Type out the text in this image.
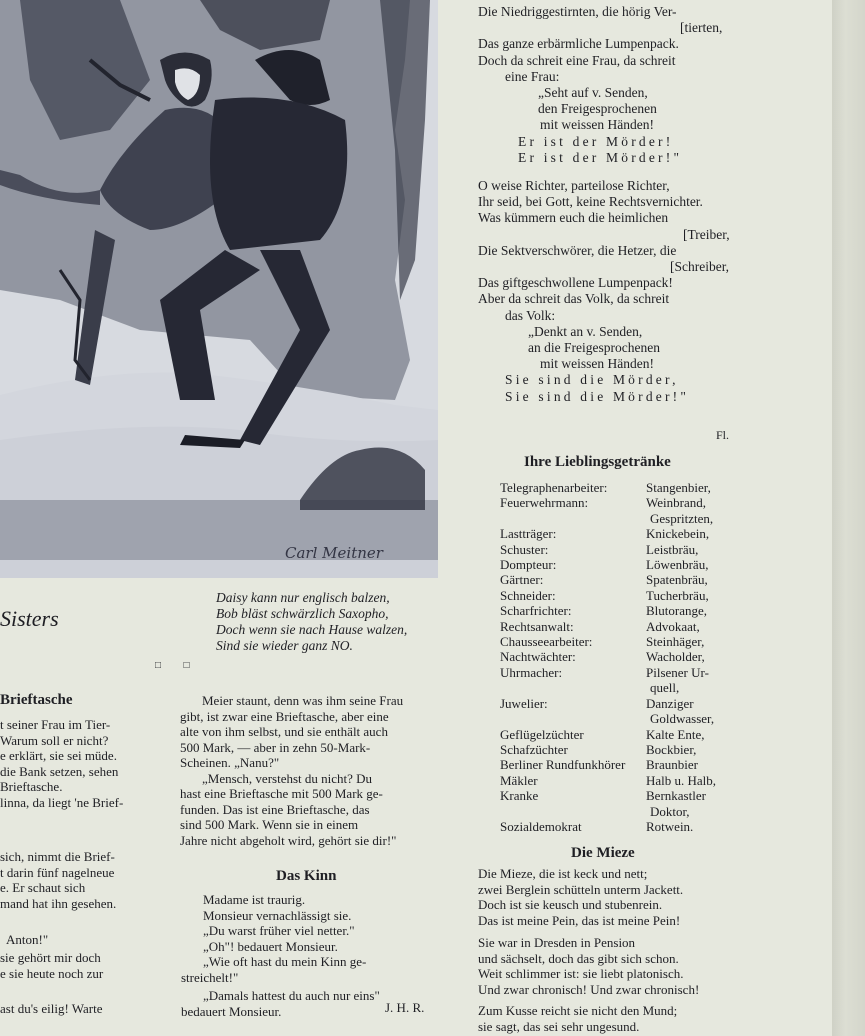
Carl Meitner
Sisters
Daisy kann nur englisch balzen,
Bob bläst schwärzlich Saxopho,
Doch wenn sie nach Hause walzen,
Sind sie wieder ganz NO.
□ □
Brieftasche
t seiner Frau im Tier-
Warum soll er nicht?
e erklärt, sie sei müde.
die Bank setzen, sehen
Brieftasche.
linna, da liegt 'ne Brief-
sich, nimmt die Brief-
t darin fünf nagelneue
e. Er schaut sich
mand hat ihn gesehen.
Anton!"
sie gehört mir doch
e sie heute noch zur
ast du's eilig! Warte
Meier staunt, denn was ihm seine Frau
gibt, ist zwar eine Brieftasche, aber eine
alte von ihm selbst, und sie enthält auch
500 Mark, — aber in zehn 50-Mark-
Scheinen. „Nanu?"
„Mensch, verstehst du nicht? Du
hast eine Brieftasche mit 500 Mark ge-
funden. Das ist eine Brieftasche, das
sind 500 Mark. Wenn sie in einem
Jahre nicht abgeholt wird, gehört sie dir!"
Das Kinn
Madame ist traurig.
Monsieur vernachlässigt sie.
„Du warst früher viel netter."
„Oh"! bedauert Monsieur.
„Wie oft hast du mein Kinn ge-
streichelt!"
„Damals hattest du auch nur eins"
bedauert Monsieur.	J. H. R.
Die Niedriggestirnten, die hörig Ver-
[tierten,
Das ganze erbärmliche Lumpenpack.
Doch da schreit eine Frau, da schreit
eine Frau:
„Seht auf v. Senden,
den Freigesprochenen
mit weissen Händen!
Er ist der Mörder!
Er ist der Mörder!"
O weise Richter, parteilose Richter,
Ihr seid, bei Gott, keine Rechtsvernichter.
Was kümmern euch die heimlichen
[Treiber,
Die Sektverschwörer, die Hetzer, die
[Schreiber,
Das giftgeschwollene Lumpenpack!
Aber da schreit das Volk, da schreit
das Volk:
„Denkt an v. Senden,
an die Freigesprochenen
mit weissen Händen!
Sie sind die Mörder,
Sie sind die Mörder!"
Fl.
Ihre Lieblingsgetränke
Telegraphenarbeiter:	Stangenbier,
Feuerwehrmann:	Weinbrand,
	Gespritzten,
Lastträger:	Knickebein,
Schuster:	Leistbräu,
Dompteur:	Löwenbräu,
Gärtner:	Spatenbräu,
Schneider:	Tucherbräu,
Scharfrichter:	Blutorange,
Rechtsanwalt:	Advokaat,
Chausseearbeiter:	Steinhäger,
Nachtwächter:	Wacholder,
Uhrmacher:	Pilsener Ur-
	quell,
Juwelier:	Danziger
	Goldwasser,
Geflügelzüchter	Kalte Ente,
Schafzüchter	Bockbier,
Berliner Rundfunkhörer	Braunbier
Mäkler	Halb u. Halb,
Kranke	Bernkastler
	Doktor,
Sozialdemokrat	Rotwein.
Die Mieze
Die Mieze, die ist keck und nett;
zwei Berglein schütteln unterm Jackett.
Doch ist sie keusch und stubenrein.
Das ist meine Pein, das ist meine Pein!
Sie war in Dresden in Pension
und sächselt, doch das gibt sich schon.
Weit schlimmer ist: sie liebt platonisch.
Und zwar chronisch! Und zwar chronisch!
Zum Kusse reicht sie nicht den Mund;
sie sagt, das sei sehr ungesund.
